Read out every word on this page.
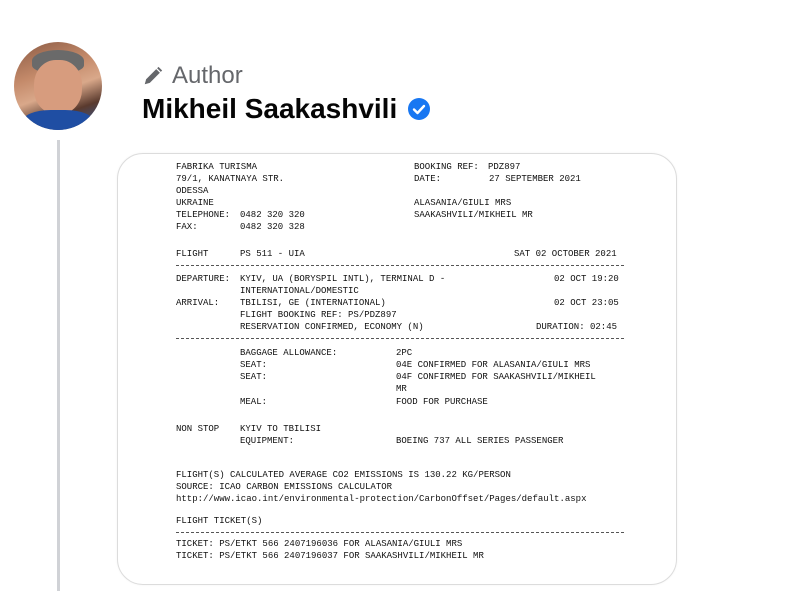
Author
Mikheil Saakashvili
FABRIKA TURISMA
79/1, KANATNAYA STR.
ODESSA
UKRAINE
TELEPHONE: 0482 320 320
FAX:	0482 320 328
BOOKING REF: PDZ897
DATE:	27 SEPTEMBER 2021
ALASANIA/GIULI MRS
SAAKASHVILI/MIKHEIL MR
FLIGHT	PS 511 - UIA	SAT 02 OCTOBER 2021
DEPARTURE: KYIV, UA (BORYSPIL INTL), TERMINAL D -	02 OCT 19:20
INTERNATIONAL/DOMESTIC
ARRIVAL: TBILISI, GE (INTERNATIONAL)	02 OCT 23:05
FLIGHT BOOKING REF: PS/PDZ897
RESERVATION CONFIRMED, ECONOMY (N)	DURATION: 02:45
BAGGAGE ALLOWANCE:	2PC
SEAT:	04E CONFIRMED FOR ALASANIA/GIULI MRS
SEAT:	04F CONFIRMED FOR SAAKASHVILI/MIKHEIL
MR
MEAL:	FOOD FOR PURCHASE
NON STOP KYIV TO TBILISI
EQUIPMENT:	BOEING 737 ALL SERIES PASSENGER
FLIGHT(S) CALCULATED AVERAGE CO2 EMISSIONS IS 130.22 KG/PERSON
SOURCE: ICAO CARBON EMISSIONS CALCULATOR
http://www.icao.int/environmental-protection/CarbonOffset/Pages/default.aspx
FLIGHT TICKET(S)
TICKET: PS/ETKT 566 2407196036 FOR ALASANIA/GIULI MRS
TICKET: PS/ETKT 566 2407196037 FOR SAAKASHVILI/MIKHEIL MR
